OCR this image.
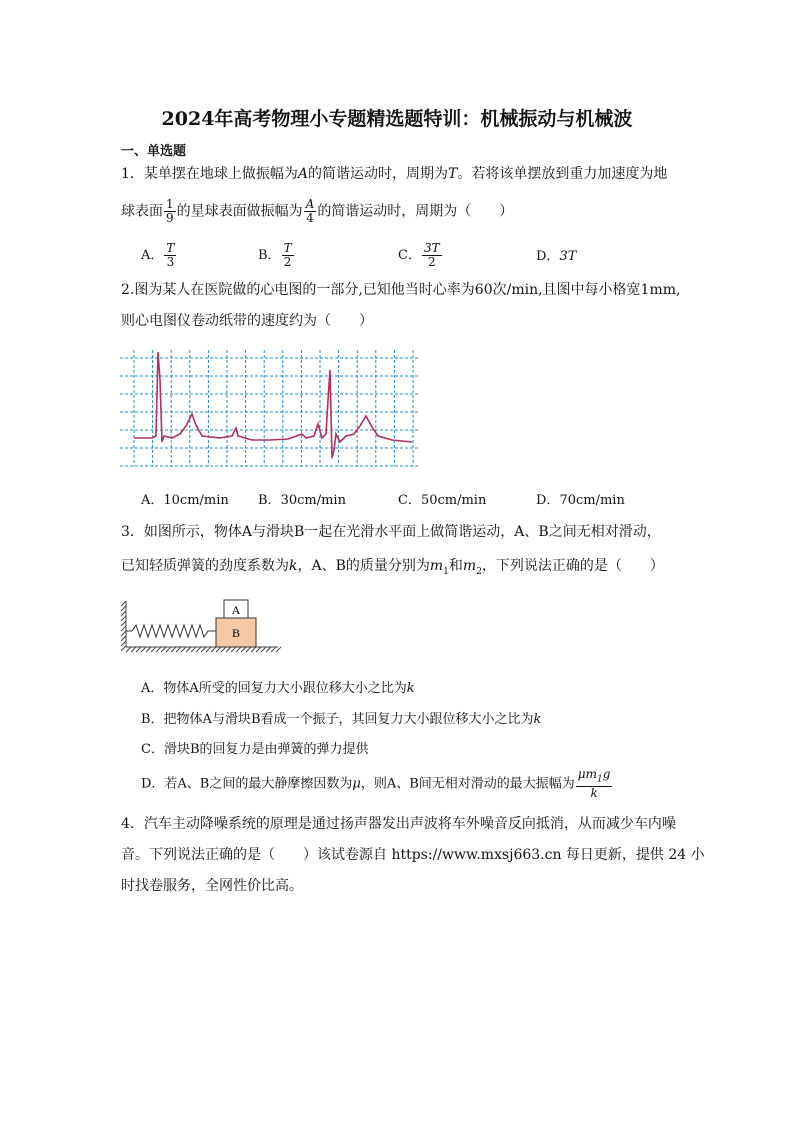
2024年高考物理小专题精选题特训：机械振动与机械波
一、单选题
1．某单摆在地球上做振幅为A的简谐运动时，周期为T。若将该单摆放到重力加速度为地
球表面 $\frac{1}{9}$ 的星球表面做振幅为 $\frac{A}{4}$ 的简谐运动时，周期为（　　）
A． $\frac{T}{3}$	B． $\frac{T}{2}$	C． $\frac{3T}{2}$	D．3T
2.图为某人在医院做的心电图的一部分,已知他当时心率为60次/min,且图中每小格宽1mm,
则心电图仪卷动纸带的速度约为（　　）
A．10cm/min B．30cm/min	C．50cm/min	D．70cm/min
3．如图所示，物体A与滑块B一起在光滑水平面上做简谐运动，A、B之间无相对滑动，
已知轻质弹簧的劲度系数为k，A、B的质量分别为$m_1$和$m_2$，下列说法正确的是（　　）
A
B
A．物体A所受的回复力大小跟位移大小之比为k
B．把物体A与滑块B看成一个振子，其回复力大小跟位移大小之比为k
C．滑块B的回复力是由弹簧的弹力提供
D．若A、B之间的最大静摩擦因数为μ，则A、B间无相对滑动的最大振幅为 $\frac{\mu m_1g}{k}$
4．汽车主动降噪系统的原理是通过扬声器发出声波将车外噪音反向抵消，从而减少车内噪
音。下列说法正确的是（　　）该试卷源自 https://www.mxsj663.cn 每日更新，提供 24 小
时找卷服务，全网性价比高。
